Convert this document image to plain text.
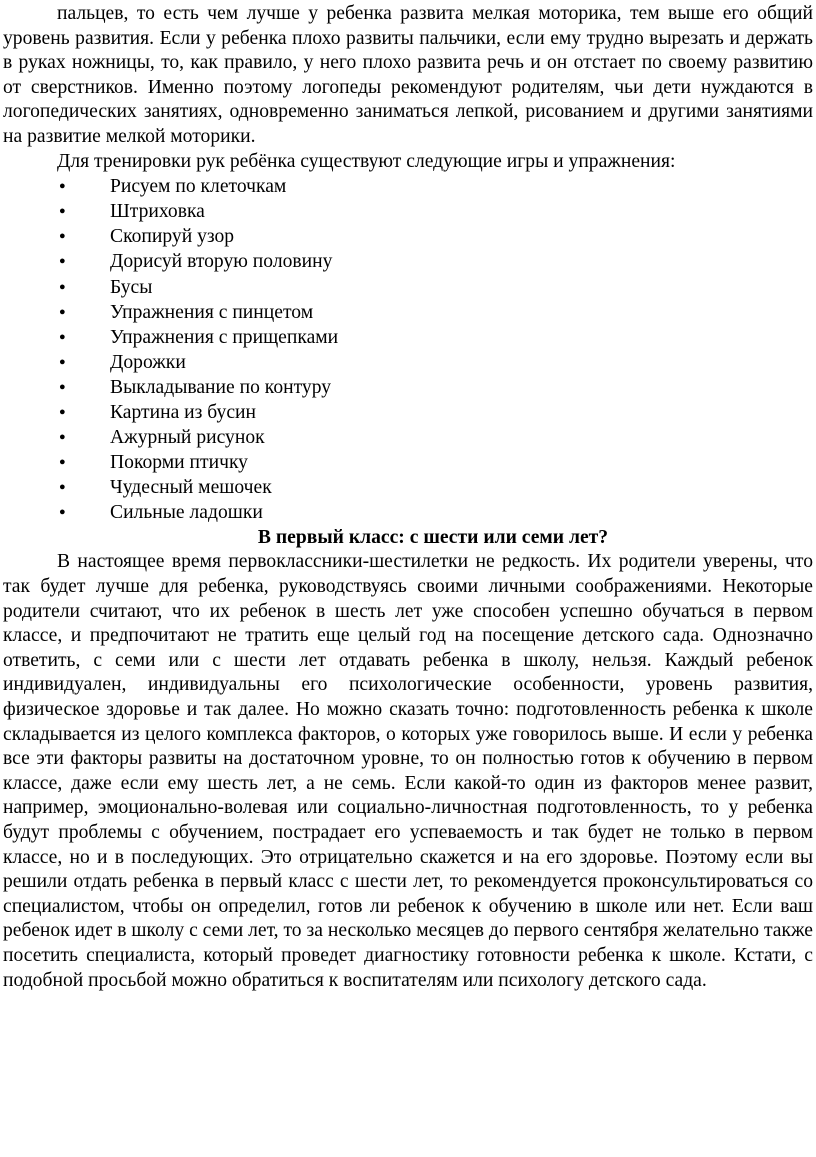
пальцев, то есть чем лучше у ребенка развита мелкая моторика, тем выше его общий уровень развития. Если у ребенка плохо развиты пальчики, если ему трудно вырезать и держать в руках ножницы, то, как правило, у него плохо развита речь и он отстает по своему развитию от сверстников. Именно поэтому логопеды рекомендуют родителям, чьи дети нуждаются в логопедических занятиях, одновременно заниматься лепкой, рисованием и другими занятиями на развитие мелкой моторики.

Для тренировки рук ребёнка существуют следующие игры и упражнения:

● Рисуем по клеточкам
● Штриховка
● Скопируй узор
● Дорисуй вторую половину
● Бусы
● Упражнения с пинцетом
● Упражнения с прищепками
● Дорожки
● Выкладывание по контуру
● Картина из бусин
● Ажурный рисунок
● Покорми птичку
● Чудесный мешочек
● Сильные ладошки
В первый класс: с шести или семи лет?

В настоящее время первоклассники-шестилетки не редкость. Их родители уверены, что так будет лучше для ребенка, руководствуясь своими личными соображениями. Некоторые родители считают, что их ребенок в шесть лет уже способен успешно обучаться в первом классе, и предпочитают не тратить еще целый год на посещение детского сада. Однозначно ответить, с семи или с шести лет отдавать ребенка в школу, нельзя. Каждый ребенок индивидуален, индивидуальны его психологические особенности, уровень развития, физическое здоровье и так далее. Но можно сказать точно: подготовленность ребенка к школе складывается из целого комплекса факторов, о которых уже говорилось выше. И если у ребенка все эти факторы развиты на достаточном уровне, то он полностью готов к обучению в первом классе, даже если ему шесть лет, а не семь. Если какой-то один из факторов менее развит, например, эмоционально-волевая или социально-личностная подготовленность, то у ребенка будут проблемы с обучением, пострадает его успеваемость и так будет не только в первом классе, но и в последующих. Это отрицательно скажется и на его здоровье. Поэтому если вы решили отдать ребенка в первый класс с шести лет, то рекомендуется проконсультироваться со специалистом, чтобы он определил, готов ли ребенок к обучению в школе или нет. Если ваш ребенок идет в школу с семи лет, то за несколько месяцев до первого сентября желательно также посетить специалиста, который проведет диагностику готовности ребенка к школе. Кстати, с подобной просьбой можно обратиться к воспитателям или психологу детского сада.
